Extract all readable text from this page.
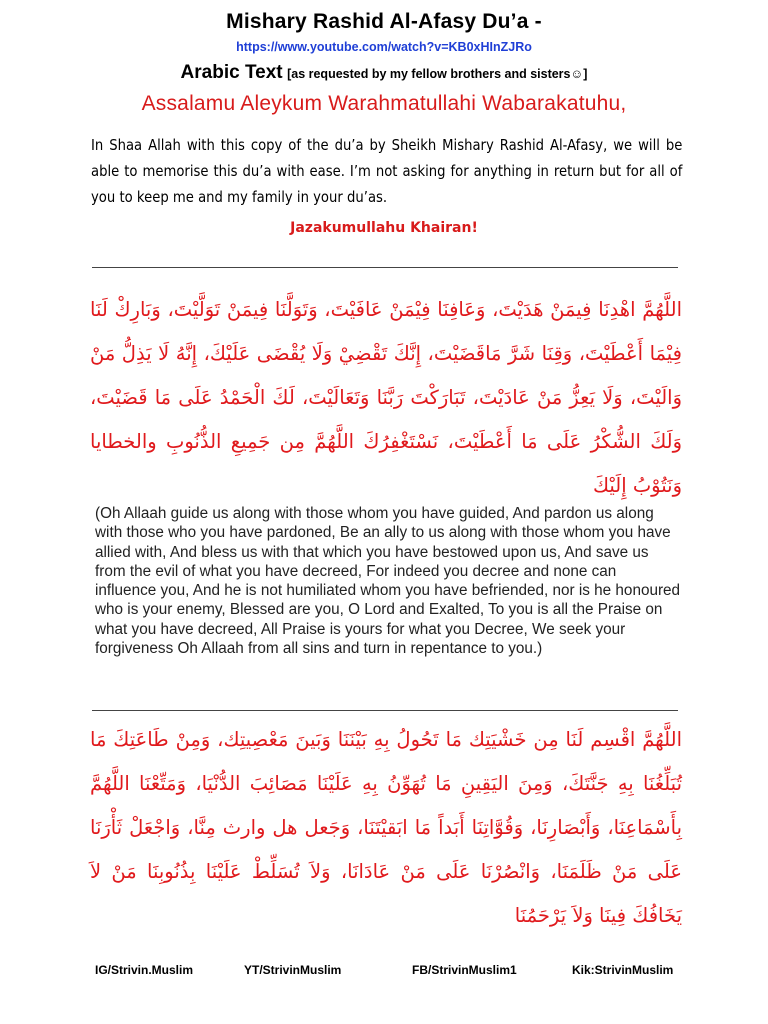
Mishary Rashid Al-Afasy Du’a -
https://www.youtube.com/watch?v=KB0xHInZJRo
Arabic Text [as requested by my fellow brothers and sisters☺]
Assalamu Aleykum Warahmatullahi Wabarakatuhu,
In Shaa Allah with this copy of the du’a by Sheikh Mishary Rashid Al-Afasy, we will be able to memorise this du’a with ease. I’m not asking for anything in return but for all of you to keep me and my family in your du’as.
Jazakumullahu Khairan!
اللَّهُمَّ اهْدِنَا فِيمَنْ هَدَيْتَ، وَعَافِنَا فِيْمَنْ عَافَيْتَ، وَتَوَلَّنَا فِيمَنْ تَوَلَّيْتَ، وَبَارِكْ لَنَا فِيْمَا أَعْطَيْتَ، وَقِنَا شَرَّ مَاقَضَيْتَ، إِنَّكَ تَقْضِيْ وَلَا يُقْضَى عَلَيْكَ، إِنَّهُ لَا يَذِلُّ مَنْ وَالَيْتَ، وَلَا يَعِزُّ مَنْ عَادَيْتَ، تَبَارَكْتَ رَبَّنَا وَتَعَالَيْتَ، لَكَ الْحَمْدُ عَلَى مَا قَضَيْتَ، وَلَكَ الشُّكْرُ عَلَى مَا أَعْطَيْتَ، نَسْتَغْفِرُكَ اللَّهُمَّ مِن جَمِيعِ الذُّنُوبِ والخطايا وَنَتُوْبُ إِلَيْكَ
(Oh Allaah guide us along with those whom you have guided, And pardon us along with those who you have pardoned, Be an ally to us along with those whom you have allied with, And bless us with that which you have bestowed upon us, And save us from the evil of what you have decreed, For indeed you decree and none can influence you, And he is not humiliated whom you have befriended, nor is he honoured who is your enemy, Blessed are you, O Lord and Exalted, To you is all the Praise on what you have decreed, All Praise is yours for what you Decree, We seek your forgiveness Oh Allaah from all sins and turn in repentance to you.)
اللَّهُمَّ اقْسِم لَنَا مِن خَشْيَتِك مَا تَحُولُ بِهِ بَيْنَنَا وَبَينَ مَعْصِيتِك، وَمِنْ طَاعَتِكَ مَا تُبَلِّغُنَا بِهِ جَنَّتَكَ، وَمِنَ اليَقِينِ مَا تُهَوِّنُ بِهِ عَلَيْنَا مَصَائِبَ الدُّنْيَا، وَمَتِّعْنَا اللَّهُمَّ بِأَسْمَاعِنَا، وَأَبْصَارِنَا، وَقُوَّاتِنَا أَبَداً مَا ابَقيْتَنَا، وَجَعل هل وارث مِنَّا، وَاجْعَلْ ثَأْرَنَا عَلَى مَنْ ظَلَمَنَا، وَانْصُرْنَا عَلَى مَنْ عَادَانَا، وَلاَ تُسَلِّطْ عَلَيْنَا بِذُنُوبِنَا مَنْ لاَ يَخَافُكَ فِينَا وَلاَ يَرْحَمُنَا
IG/Strivin.Muslim	YT/StrivinMuslim	FB/StrivinMuslim1	Kik:StrivinMuslim
